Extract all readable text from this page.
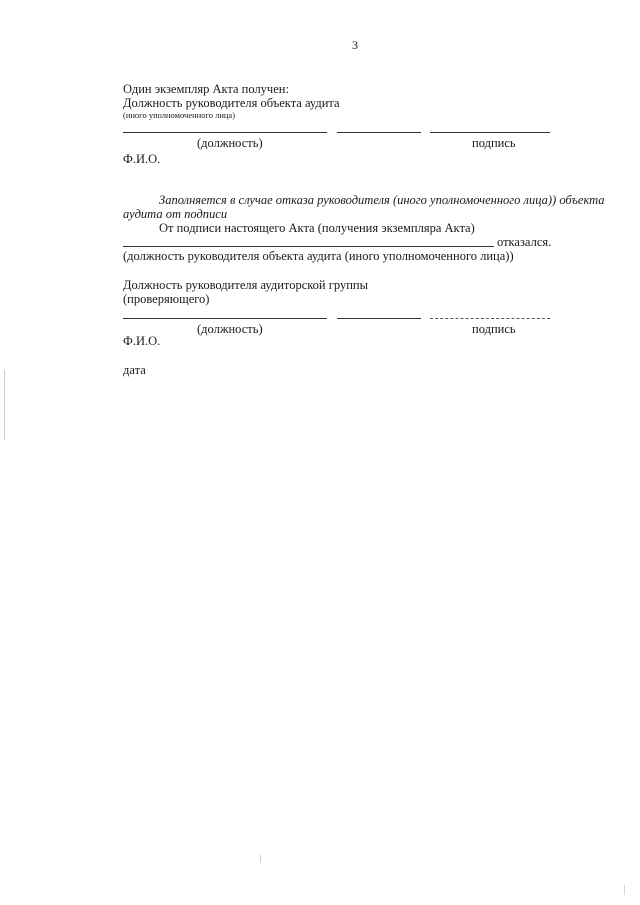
3
Один экземпляр Акта получен:
Должность руководителя объекта аудита
(иного уполномоченного лица)
(должность)	подпись
Ф.И.О.
Заполняется в случае отказа руководителя (иного уполномоченного лица)) объекта
аудита от подписи
От подписи настоящего Акта (получения экземпляра Акта)
отказался.
(должность руководителя объекта аудита (иного уполномоченного лица))
Должность руководителя аудиторской группы
(проверяющего)
(должность)	подпись
Ф.И.О.
дата
